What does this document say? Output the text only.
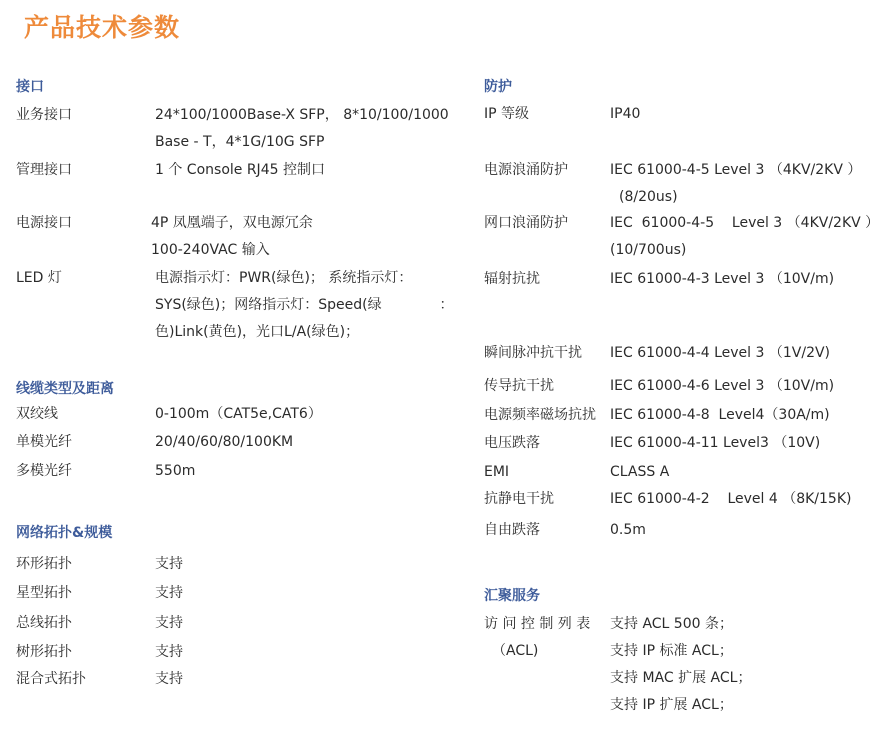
产品技术参数
接口
业务接口	24*100/1000Base-X SFP， 8*10/100/1000
Base - T，4*1G/10G SFP
管理接口	1 个 Console RJ45 控制口
电源接口	4P 凤凰端子，双电源冗余
100-240VAC 输入
LED 灯	电源指示灯：PWR(绿色)； 系统指示灯：
SYS(绿色)；网络指示灯：Speed(绿             ：
色)Link(黄色)，光口L/A(绿色)；
线缆类型及距离
双绞线	0-100m（CAT5e,CAT6）
单模光纤	20/40/60/80/100KM
多模光纤	550m
网络拓扑&规模
环形拓扑	支持
星型拓扑	支持
总线拓扑	支持
树形拓扑	支持
混合式拓扑	支持
防护
IP 等级	IP40
电源浪涌防护	IEC 61000-4-5 Level 3 （4KV/2KV ）
(8/20us)
网口浪涌防护	IEC  61000-4-5    Level 3 （4KV/2KV ）
(10/700us)
辐射抗扰	IEC 61000-4-3 Level 3 （10V/m)
瞬间脉冲抗干扰 IEC 61000-4-4 Level 3 （1V/2V)
传导抗干扰	IEC 61000-4-6 Level 3 （10V/m)
电源频率磁场抗扰 IEC 61000-4-8  Level4（30A/m)
电压跌落	IEC 61000-4-11 Level3 （10V)
EMI	CLASS A
抗静电干扰	IEC 61000-4-2    Level 4 （8K/15K)
自由跌落	0.5m
汇聚服务
访 问 控 制 列 表
（ACL)
支持 ACL 500 条；
支持 IP 标准 ACL；
支持 MAC 扩展 ACL；
支持 IP 扩展 ACL；
